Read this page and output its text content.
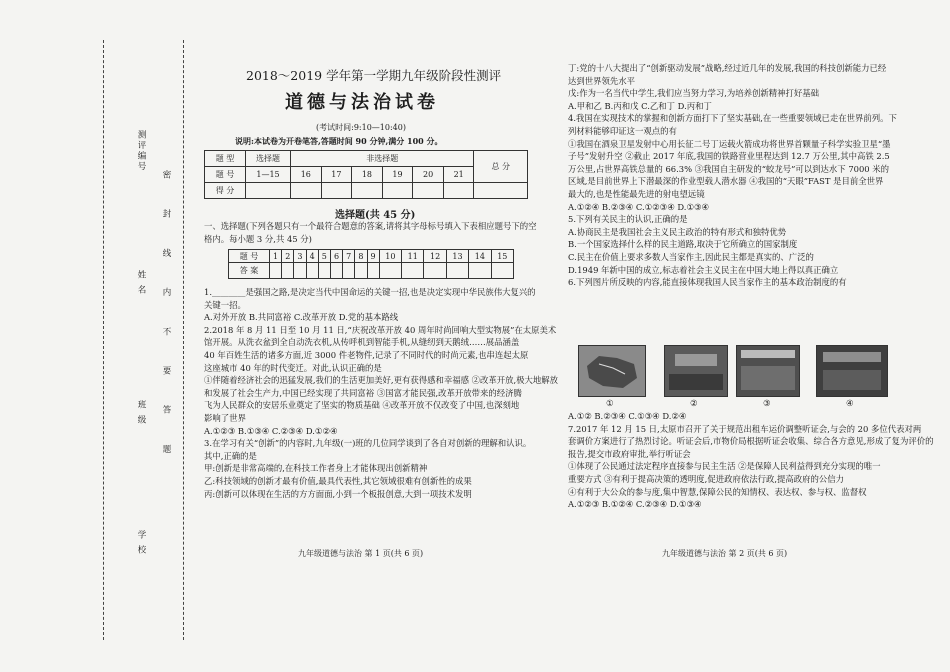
测评编号
姓 名
班 级
学 校
密 封 线 内 不 要 答 题
2018～2019 学年第一学期九年级阶段性测评
道德与法治试卷
(考试时间:9:10—10:40)
说明:本试卷为开卷笔答,答题时间 90 分钟,满分 100 分。
题 型	选择题	非选择题						总 分
题 号	1—15	16	17	18	19	20	21	
得 分								
选择题(共 45 分)
一、选择题(下列各题只有一个最符合题意的答案,请将其字母标号填入下表相应题号下的空
格内。每小题 3 分,共 45 分)
题 号	1	2	3	4	5	6	7	8	9	10	11	12	13	14	15
答 案															
1.________是强国之路,是决定当代中国命运的关键一招,也是决定实现中华民族伟大复兴的
关键一招。
A.对外开放 B.共同富裕 C.改革开放 D.党的基本路线
2.2018 年 8 月 11 日至 10 月 11 日,“庆祝改革开放 40 周年时尚回响大型实物展”在太原美术
馆开展。从洗衣盆到全自动洗衣机,从传呼机到智能手机,从缝纫到天鹅绒……展品涵盖
40 年百姓生活的诸多方面,近 3000 件老物件,记录了不同时代的时尚元素,也串连起太原
这座城市 40 年的时代变迁。对此,认识正确的是
①伴随着经济社会的迅猛发展,我们的生活更加美好,更有获得感和幸福感 ②改革开放,极大地解放
和发展了社会生产力,中国已经实现了共同富裕 ③国富才能民强,改革开放带来的经济腾
飞为人民群众的安居乐业奠定了坚实的物质基础 ④改革开放不仅改变了中国,也深刻地
影响了世界
A.①②③ B.①③④ C.②③④ D.①②④
3.在学习有关“创新”的内容时,九年级(一)班的几位同学谈到了各自对创新的理解和认识。
其中,正确的是
甲:创新是非常高端的,在科技工作者身上才能体现出创新精神
乙:科技领域的创新才最有价值,最具代表性,其它领域很难有创新性的成果
丙:创新可以体现在生活的方方面面,小到一个板报创意,大到一项技术发明
丁:党的十八大提出了“创新驱动发展”战略,经过近几年的发展,我国的科技创新能力已经
达到世界领先水平
戊:作为一名当代中学生,我们应当努力学习,为培养创新精神打好基础
A.甲和乙 B.丙和戊 C.乙和丁 D.丙和丁
4.我国在实现技术的掌握和创新方面打下了坚实基础,在一些重要领域已走在世界前列。下
列材料能够印证这一观点的有
①我国在酒泉卫星发射中心用长征二号丁运载火箭成功将世界首颗量子科学实验卫星“墨
子号”发射升空 ②截止 2017 年底,我国的铁路营业里程达到 12.7 万公里,其中高铁 2.5
万公里,占世界高铁总量的 66.3% ③我国自主研发的“蛟龙号”可以到达水下 7000 米的
区域,是目前世界上下潜最深的作业型载人潜水器 ④我国的“天眼”FAST 是目前全世界
最大的,也是性能最先进的射电望远镜
A.①②④ B.②③④ C.①②③④ D.①③④
5.下列有关民主的认识,正确的是
A.协商民主是我国社会主义民主政治的特有形式和独特优势
B.一个国家选择什么样的民主道路,取决于它所确立的国家制度
C.民主在价值上要求多数人当家作主,因此民主都是真实的、广泛的
D.1949 年新中国的成立,标志着社会主义民主在中国大地上得以真正确立
6.下列图片所反映的内容,能直接体现我国人民当家作主的基本政治制度的有
①	②	③	④
A.①② B.②③④ C.①③④ D.②④
7.2017 年 12 月 15 日,太原市召开了关于规范出租车运价调整听证会,与会的 20 多位代表对两
套调价方案进行了热烈讨论。听证会后,市物价局根据听证会收集、综合各方意见,形成了复为评价的
报告,提交市政府审批,举行听证会
①体现了公民通过法定程序直接参与民主生活 ②是保障人民利益得到充分实现的唯一
重要方式 ③有利于提高决策的透明度,促进政府依法行政,提高政府的公信力
④有利于大公众的参与度,集中智慧,保障公民的知情权、表达权、参与权、监督权
A.①②③ B.①②④ C.②③④ D.①③④
九年级道德与法治 第 1 页(共 6 页)	九年级道德与法治 第 2 页(共 6 页)
